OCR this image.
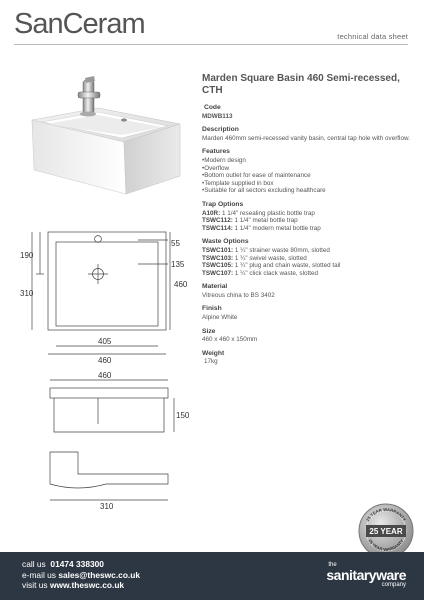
SanCeram	technical data sheet
55
190
135
310
460
405
460
460
150
310
Marden Square Basin 460 Semi-recessed, CTH
Code
MDWB113
Description
Marden 460mm semi-recessed vanity basin, central tap hole with overflow.
Features
• Modern design
• Overflow
• Bottom outlet for ease of maintenance
• Template supplied in box
• Suitable for all sectors excluding healthcare
Trap Options
A10R: 1 1/4" resealing plastic bottle trap
TSWC112: 1 1/4" metal bottle trap
TSWC114: 1 1/4" modern metal bottle trap
Waste Options
TSWC101: 1 ¼" strainer waste 80mm, slotted
TSWC103: 1 ¼" swivel waste, slotted
TSWC105: 1 ¼" plug and chain waste, slotted tail
TSWC107: 1 ¼" click clack waste, slotted
Material
Vitreous china to BS 3402
Finish
Alpine White
Size
460 x 460 x 150mm
Weight
17kg
25 YEAR WARRANTY
25 YEAR
25 YEAR WARRANTY
call us 01474 338300
e-mail us sales@theswc.co.uk
visit us www.theswc.co.uk
the
sanitaryware
company
